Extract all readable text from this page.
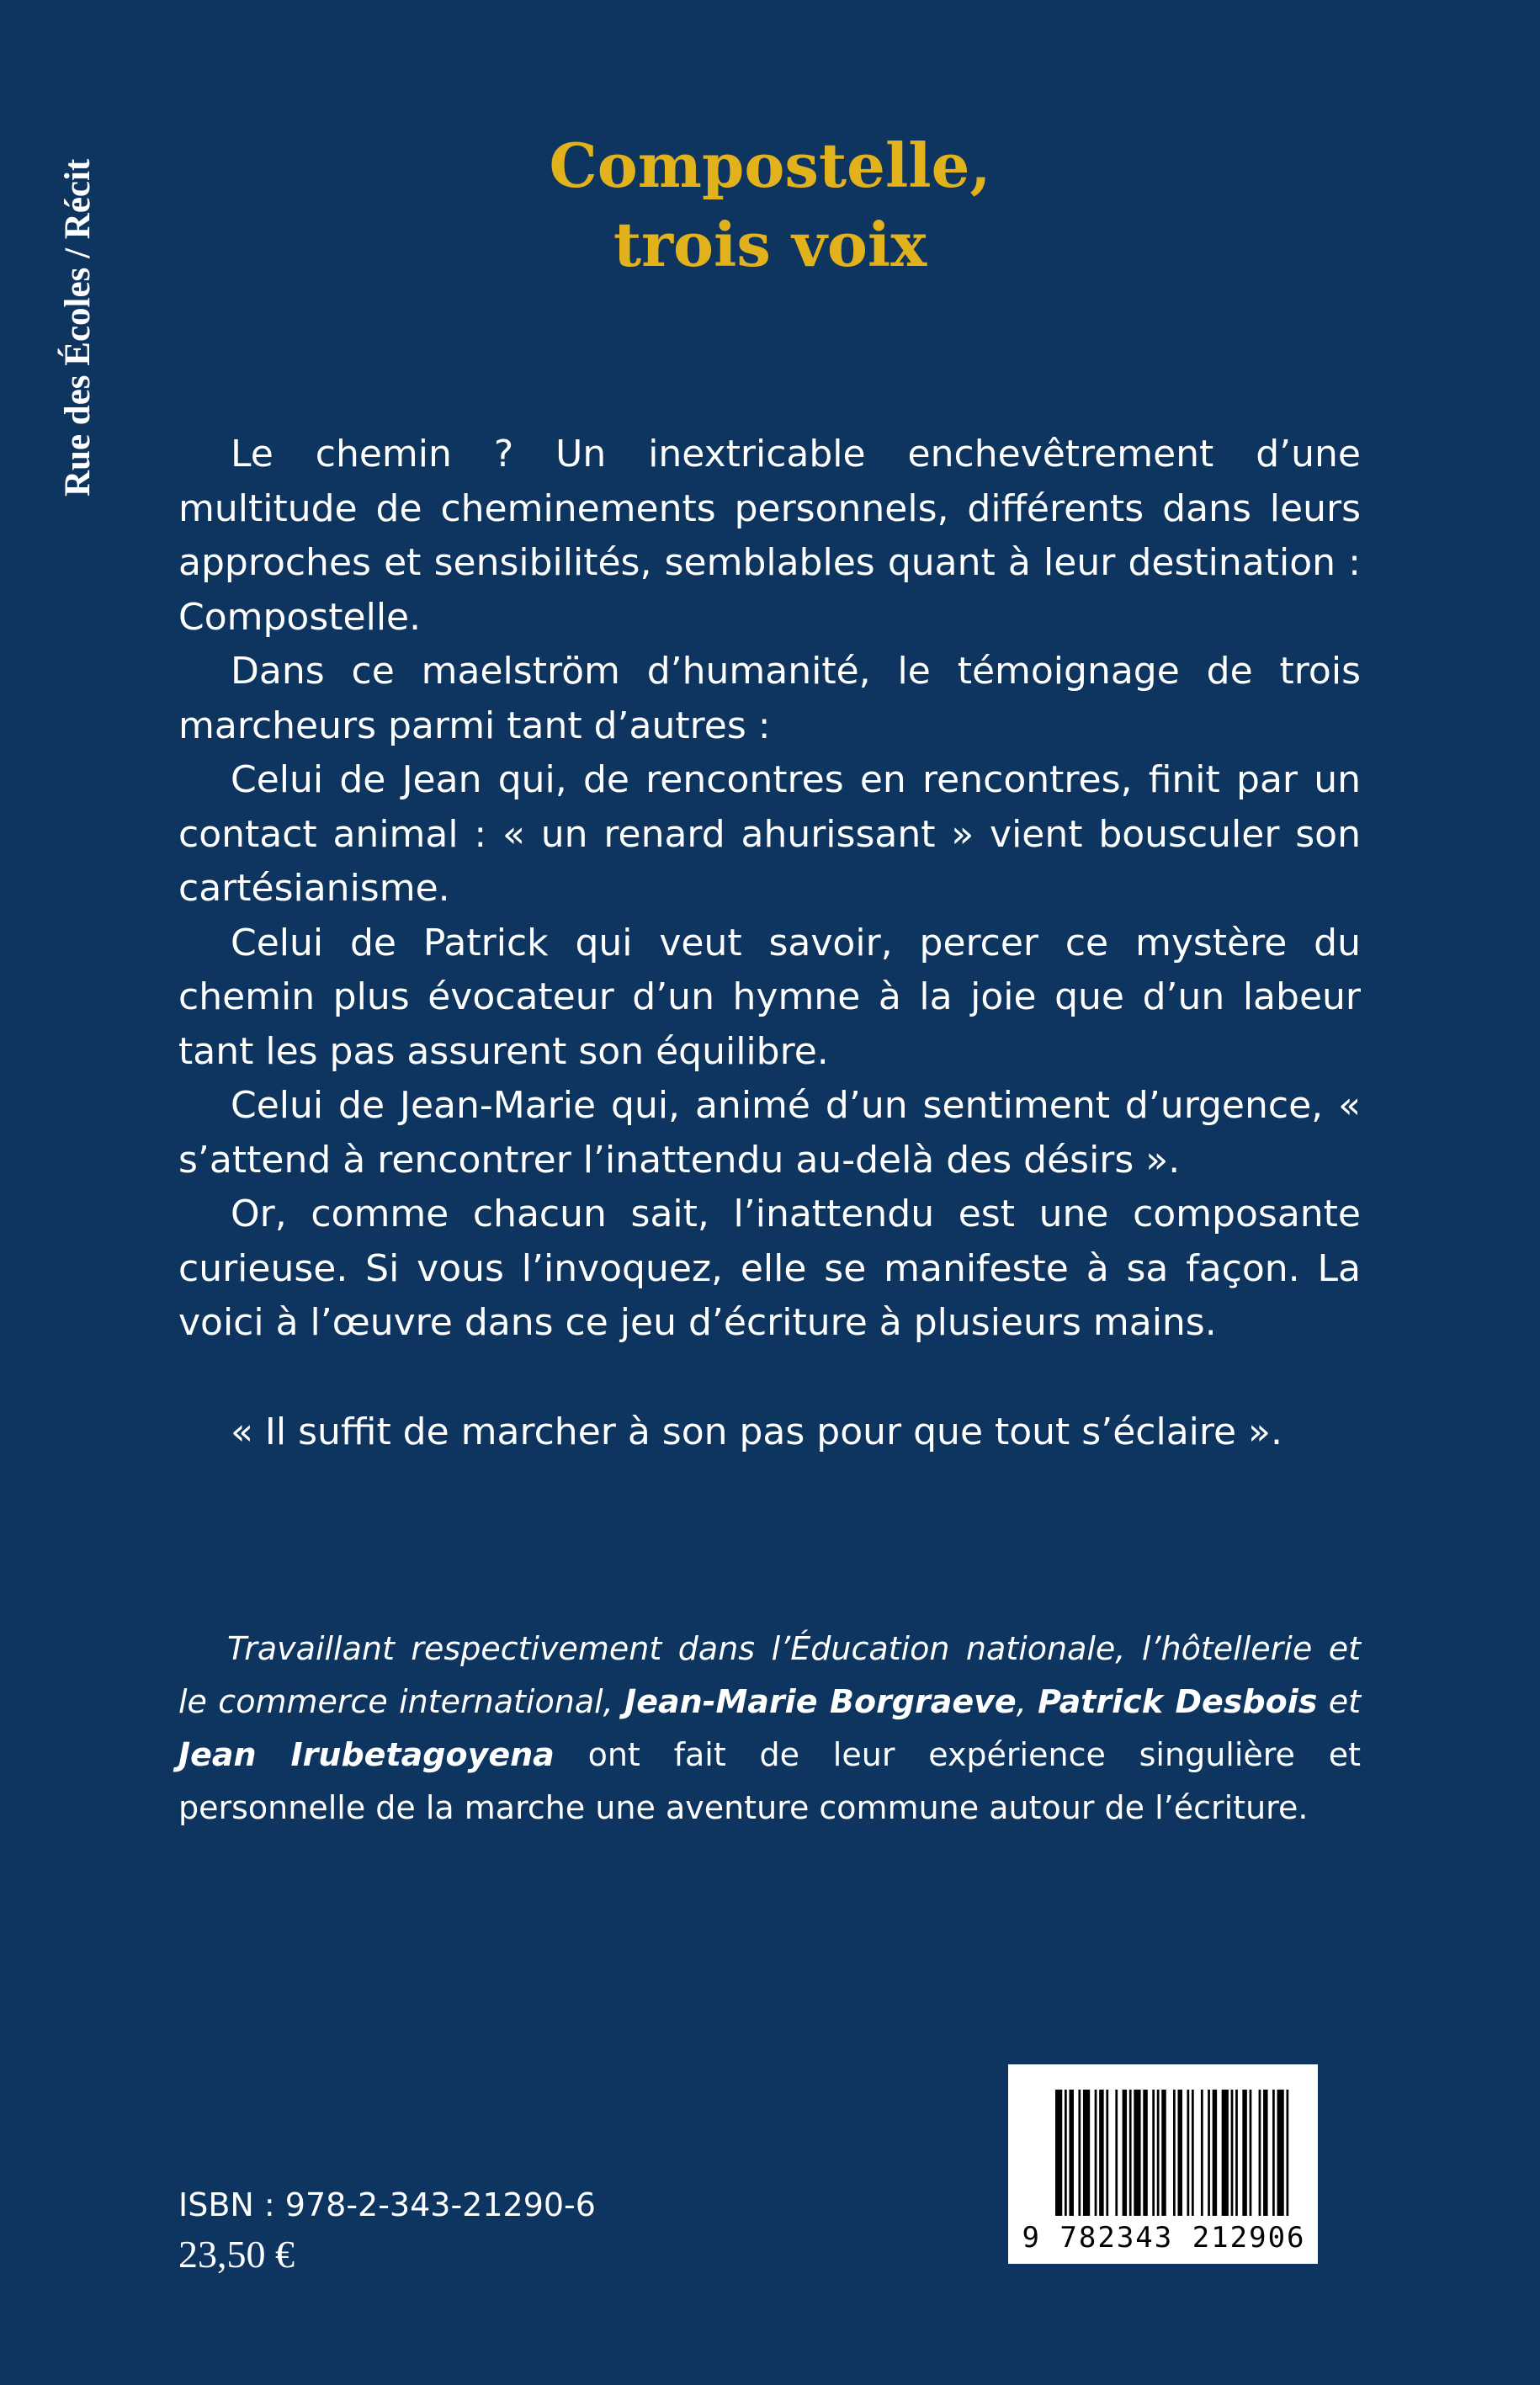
Rue des Écoles / Récit	Compostelle,
trois voix

Le chemin ? Un inextricable enchevêtrement d’une multitude de cheminements personnels, différents dans leurs approches et sensibilités, semblables quant à leur destination : Compostelle.

Dans ce maelström d’humanité, le témoignage de trois marcheurs parmi tant d’autres :

Celui de Jean qui, de rencontres en rencontres, finit par un contact animal : « un renard ahurissant » vient bousculer son cartésianisme.

Celui de Patrick qui veut savoir, percer ce mystère du chemin plus évocateur d’un hymne à la joie que d’un labeur tant les pas assurent son équilibre.

Celui de Jean-Marie qui, animé d’un sentiment d’urgence, « s’attend à rencontrer l’inattendu au-delà des désirs ».

Or, comme chacun sait, l’inattendu est une composante curieuse. Si vous l’invoquez, elle se manifeste à sa façon. La voici à l’œuvre dans ce jeu d’écriture à plusieurs mains.

« Il suffit de marcher à son pas pour que tout s’éclaire ».
Travaillant respectivement dans l’Éducation nationale, l’hôtellerie et le commerce international, Jean-Marie Borgraeve, Patrick Desbois et Jean Irubetagoyena ont fait de leur expérience singulière et personnelle de la marche une aventure commune autour de l’écriture.
ISBN : 978-2-343-21290-6
23,50 €	9 782343 212906
